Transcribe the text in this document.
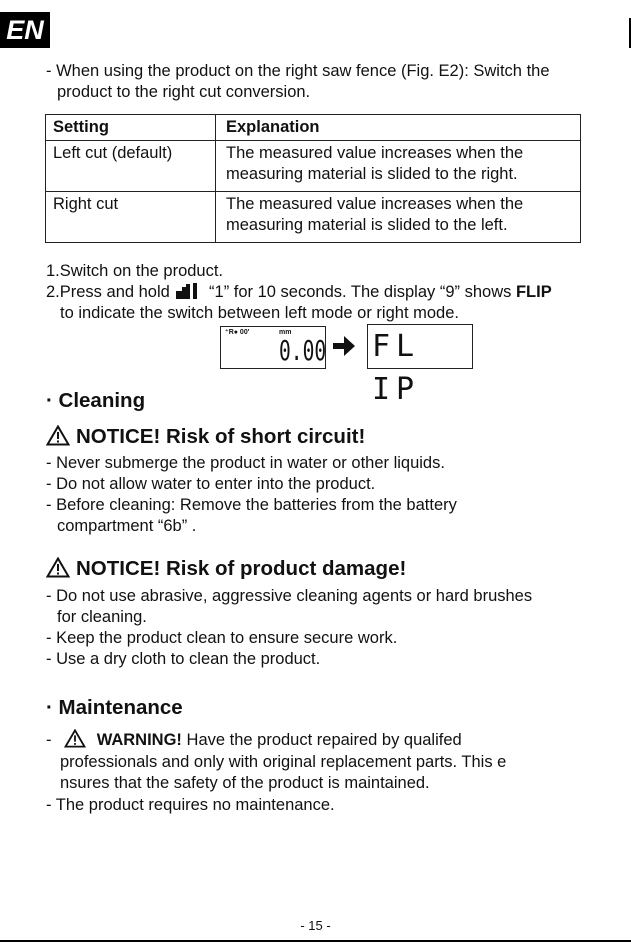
EN
- When using the product on the right saw fence (Fig. E2): Switch the
product to the right cut conversion.
Setting	Explanation
Left cut (default)	The measured value increases when the
measuring material is slided to the right.
Right cut	The measured value increases when the
measuring material is slided to the left.
1.Switch on the product.
2.Press and hold “1” for 10 seconds. The display “9” shows FLIP
to indicate the switch between left mode or right mode.
⁺R● 00'	mm
0.00 FL IP
· Cleaning
NOTICE! Risk of short circuit!
- Never submerge the product in water or other liquids.
- Do not allow water to enter into the product.
- Before cleaning: Remove the batteries from the battery
compartment “6b” .
NOTICE! Risk of product damage!
- Do not use abrasive, aggressive cleaning agents or hard brushes
for cleaning.
- Keep the product clean to ensure secure work.
- Use a dry cloth to clean the product.
· Maintenance
-	WARNING! Have the product repaired by qualifed
professionals and only with original replacement parts. This e
nsures that the safety of the product is maintained.
- The product requires no maintenance.
- 15 -
